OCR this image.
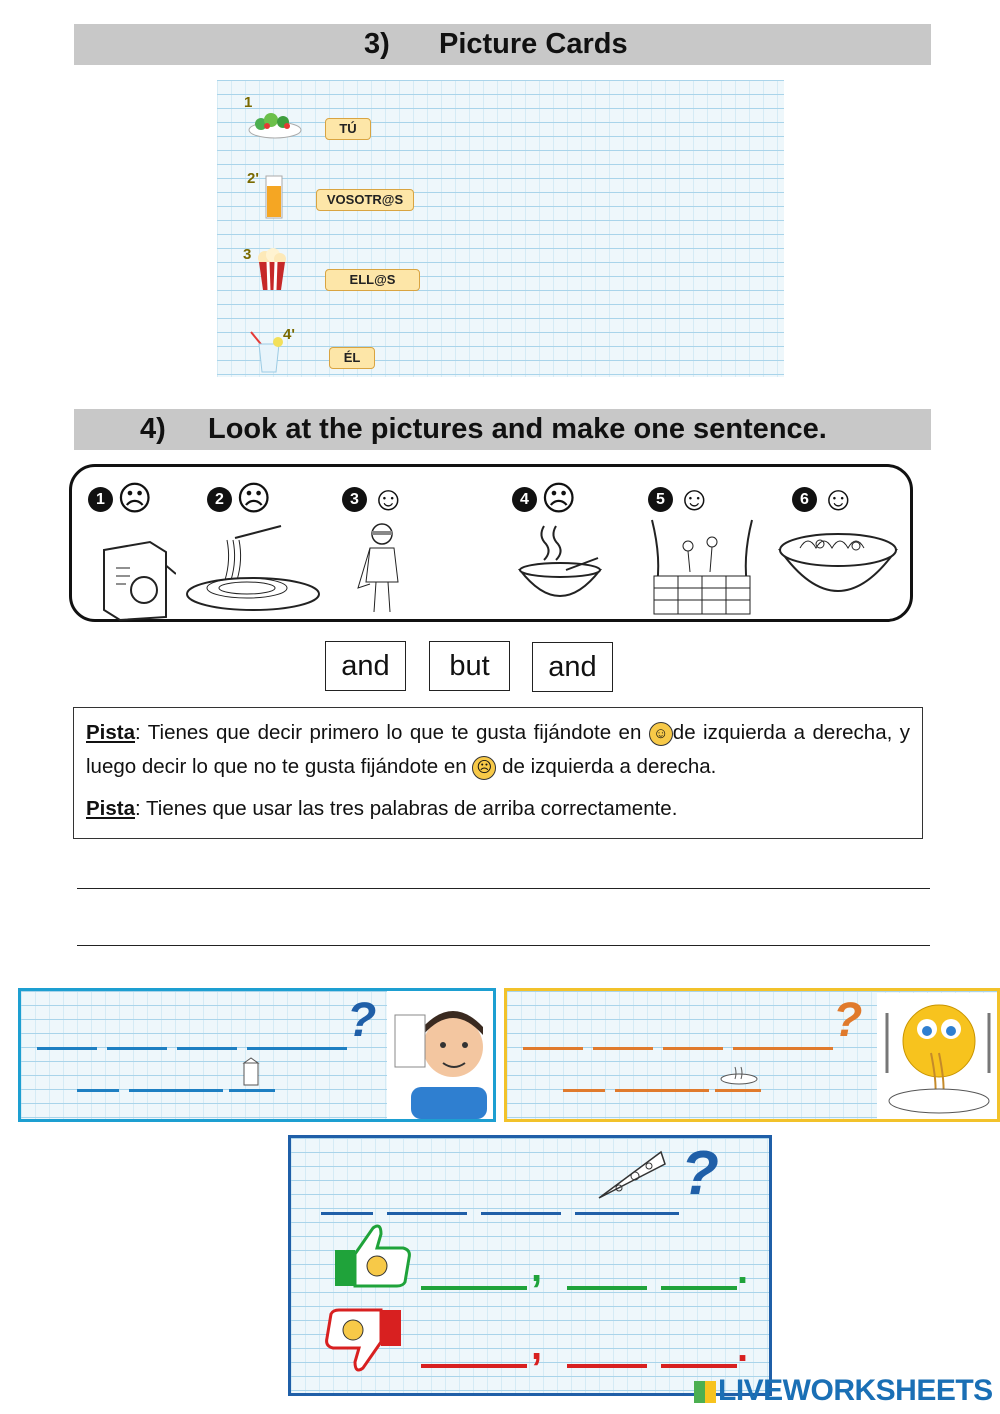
3) Picture Cards
1
TÚ
2'
VOSOTR@S
3
ELL@S
4'
ÉL
4) Look at the pictures and make one sentence.
1 ☹	2 ☹	3 ☺	4 ☹	5 ☺	6 ☺
and	but	and
Pista: Tienes que decir primero lo que te gusta fijándote en ☺ de izquierda a derecha, y luego decir lo que no te gusta fijándote en ☹ de izquierda a derecha.
Pista: Tienes que usar las tres palabras de arriba correctamente.
?	?
?
,	.
,	.
LIVEWORKSHEETS
